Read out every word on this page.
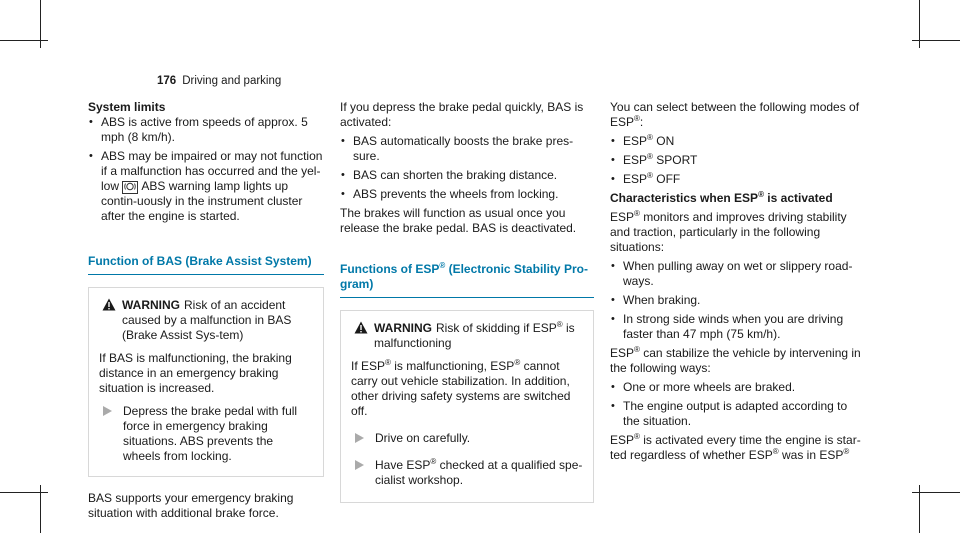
176 Driving and parking

System limits

• ABS is active from speeds of approx. 5 mph (8 km/h).
• ABS may be impaired or may not function if a malfunction has occurred and the yel- low ABS warning lamp lights up contin-uously in the instrument cluster after the engine is started.
Function of BAS (Brake Assist System)
WARNING Risk of an accident caused by a malfunction in BAS (Brake Assist Sys-tem)

If BAS is malfunctioning, the braking distance in an emergency braking situation is increased.

Depress the brake pedal with full force in emergency braking situations. ABS prevents the wheels from locking.

BAS supports your emergency braking situation with additional brake force.

If you depress the brake pedal quickly, BAS is activated:

• BAS automatically boosts the brake pres-sure.
• BAS can shorten the braking distance.
• ABS prevents the wheels from locking.

The brakes will function as usual once you release the brake pedal. BAS is deactivated.

Functions of ESP® (Electronic Stability Pro-gram)
WARNING Risk of skidding if ESP® is malfunctioning

If ESP® is malfunctioning, ESP® cannot carry out vehicle stabilization. In addition, other driving safety systems are switched off.

Drive on carefully.
Have ESP® checked at a qualified spe-cialist workshop.

You can select between the following modes of ESP®:

• ESP® ON
• ESP® SPORT
• ESP® OFF

Characteristics when ESP® is activated

ESP® monitors and improves driving stability and traction, particularly in the following situations:

• When pulling away on wet or slippery road-ways.
• When braking.
• In strong side winds when you are driving faster than 47 mph (75 km/h).

ESP® can stabilize the vehicle by intervening in the following ways:

• One or more wheels are braked.
• The engine output is adapted according to the situation.

ESP® is activated every time the engine is star-ted regardless of whether ESP® was in ESP®
